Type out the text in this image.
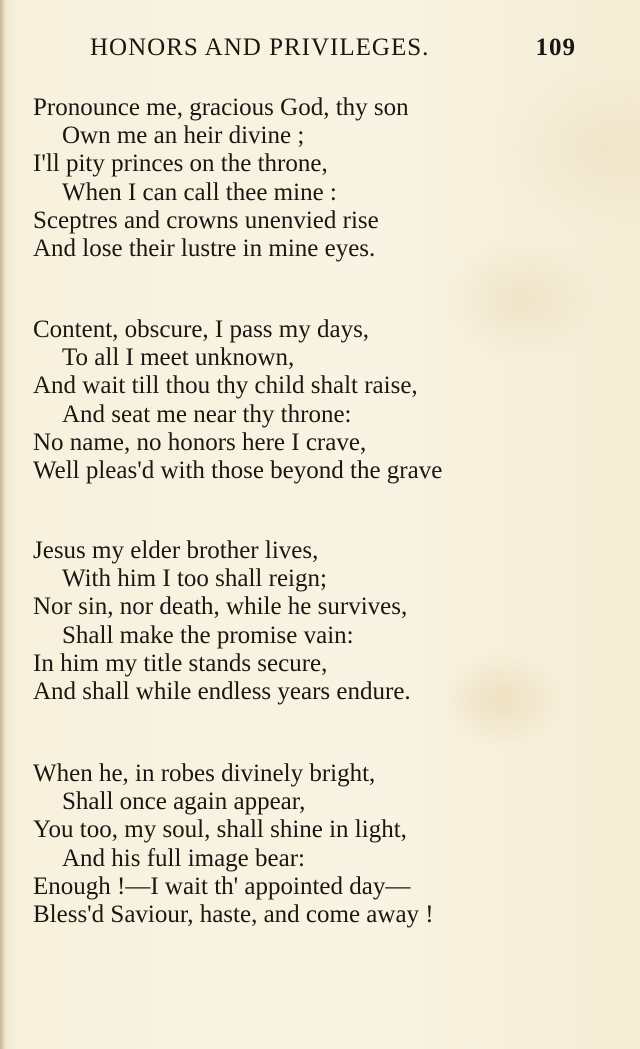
HONORS AND PRIVILEGES.	109
Pronounce me, gracious God, thy son
Own me an heir divine ;
I'll pity princes on the throne,
When I can call thee mine :
Sceptres and crowns unenvied rise
And lose their lustre in mine eyes.
Content, obscure, I pass my days,
To all I meet unknown,
And wait till thou thy child shalt raise,
And seat me near thy throne:
No name, no honors here I crave,
Well pleas'd with those beyond the grave
Jesus my elder brother lives,
With him I too shall reign;
Nor sin, nor death, while he survives,
Shall make the promise vain:
In him my title stands secure,
And shall while endless years endure.
When he, in robes divinely bright,
Shall once again appear,
You too, my soul, shall shine in light,
And his full image bear:
Enough !—I wait th' appointed day—
Bless'd Saviour, haste, and come away !
